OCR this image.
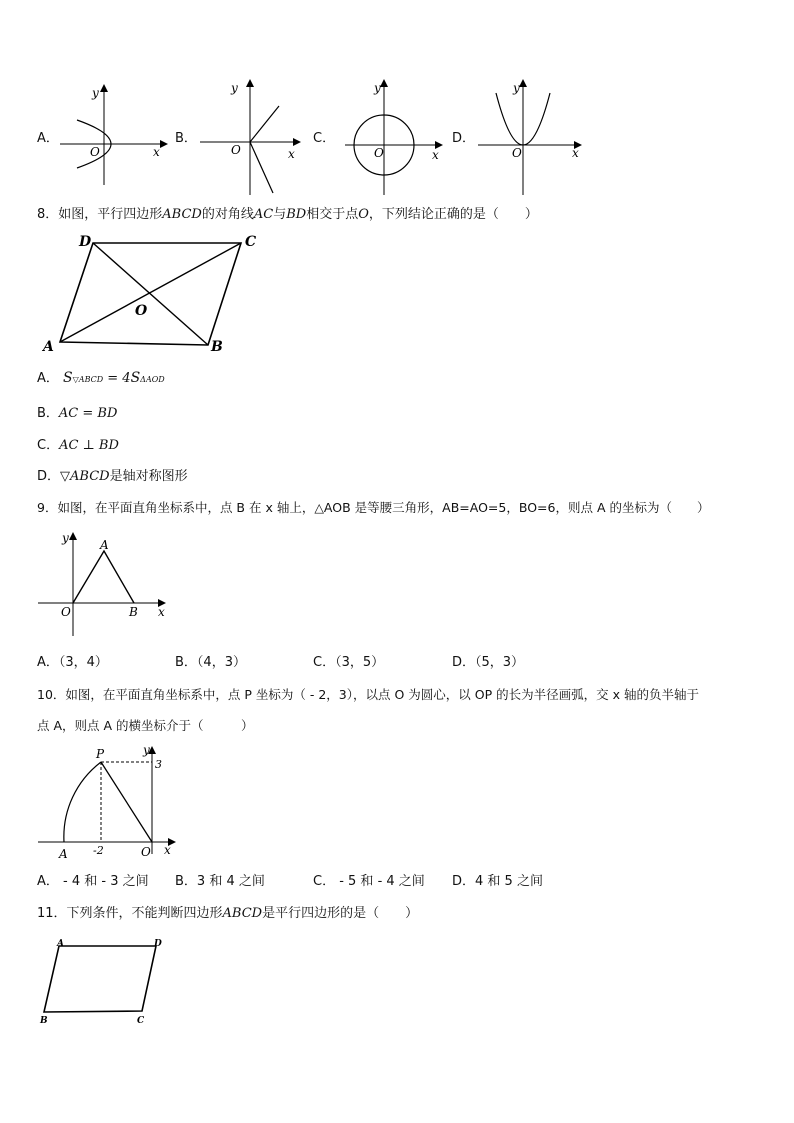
A．
y
O	x
B．
y
O	x
C．
y
O	x
D．
y
O	x
8．如图，平行四边形ABCD的对角线AC与BD相交于点O，下列结论正确的是（　　）
D	C
O
A	B
A． S▽ABCD = 4SΔAOD
B．AC = BD
C．AC ⊥ BD
D．▽ABCD是轴对称图形
9．如图，在平面直角坐标系中，点 B 在 x 轴上，△AOB 是等腰三角形，AB=AO=5，BO=6，则点 A 的坐标为（　　）
y	A
O	B x
A．（3，4）	B．（4，3）	C．（3，5）	D．（5，3）
10．如图，在平面直角坐标系中，点 P 坐标为（ - 2，3），以点 O 为圆心，以 OP 的长为半径画弧，交 x 轴的负半轴于
点 A，则点 A 的横坐标介于（　　　）
P	y
3
A -2	O x
A． - 4 和 - 3 之间 B．3 和 4 之间	C． - 5 和 - 4 之间 D．4 和 5 之间
11．下列条件，不能判断四边形ABCD是平行四边形的是（　　）
A	D
B	C
